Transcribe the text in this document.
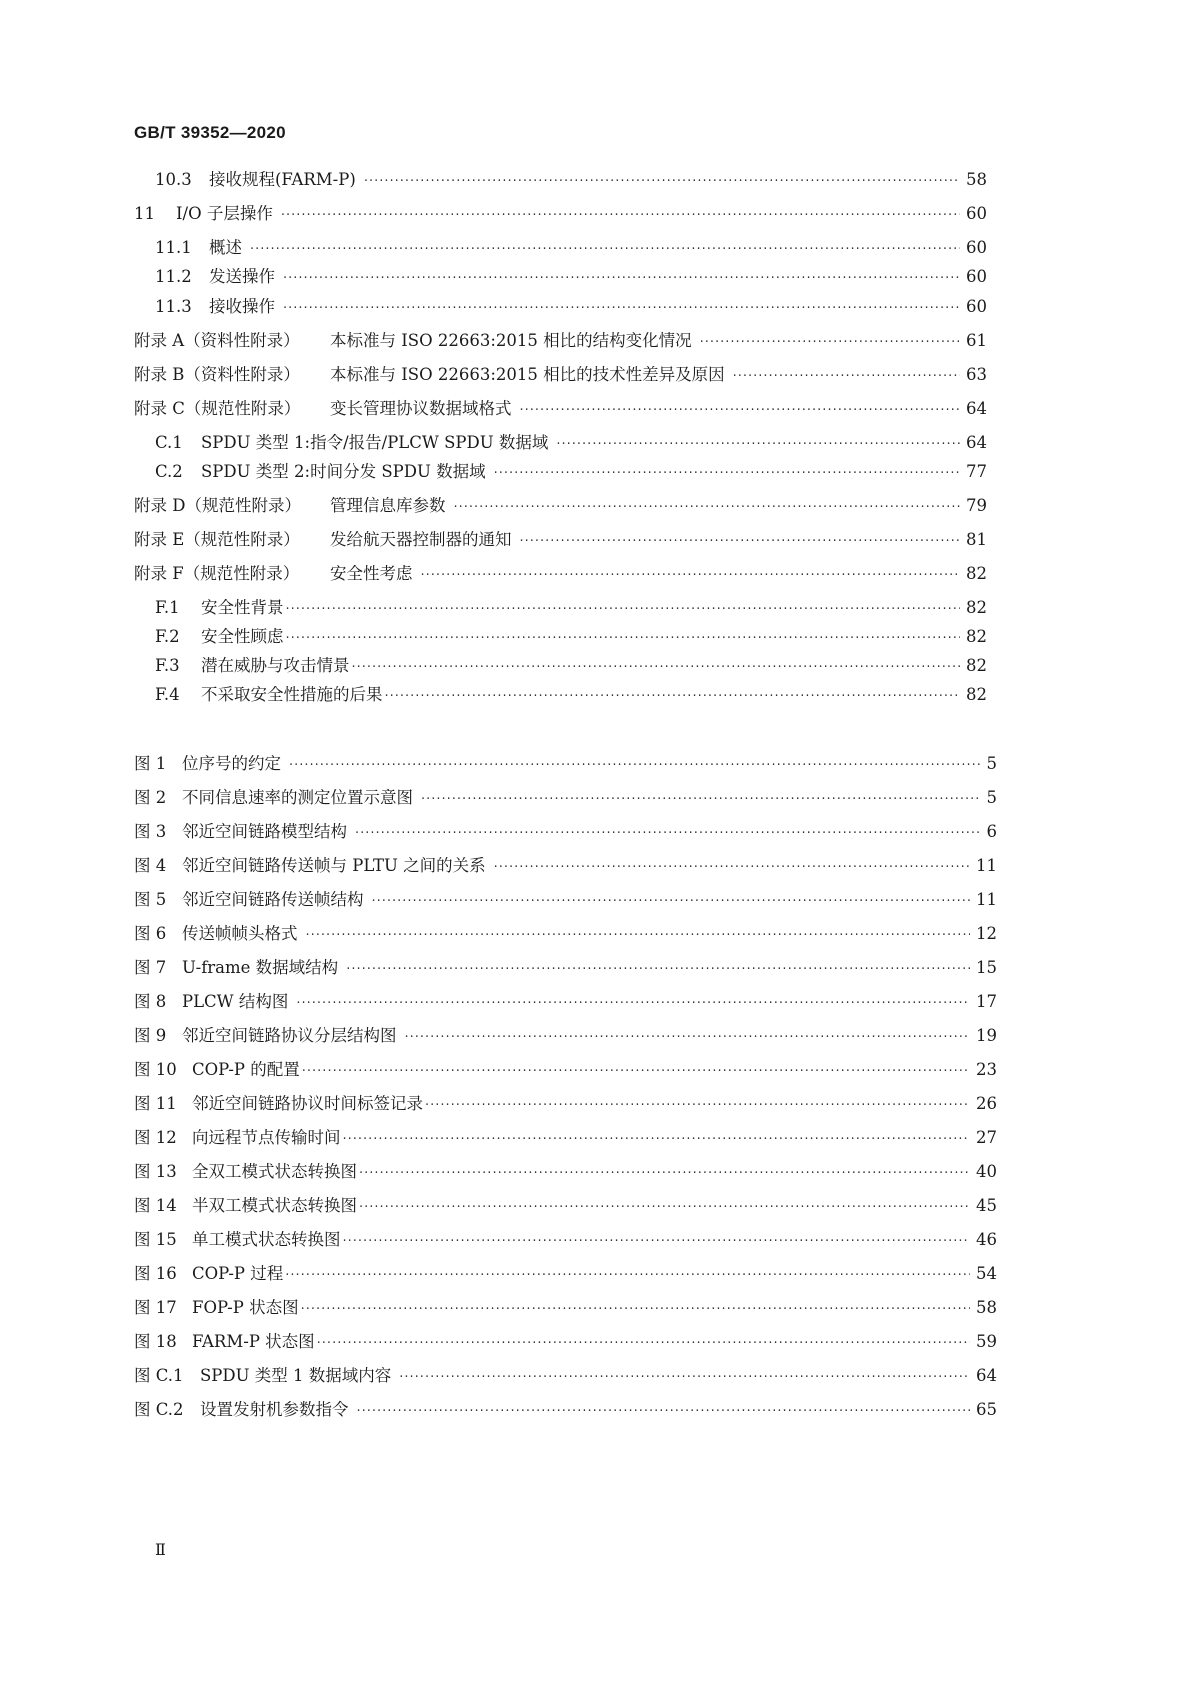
GB/T 39352—2020
10.3	接收规程(FARM-P) ·····	58
11	I/O 子层操作 ·····	60
11.1	概述 ·····	60
11.2	发送操作 ·····	60
11.3	接收操作 ·····	60
附录 A（资料性附录）	本标准与 ISO 22663:2015 相比的结构变化情况 ·····	61
附录 B（资料性附录）	本标准与 ISO 22663:2015 相比的技术性差异及原因 ·····	63
附录 C（规范性附录）	变长管理协议数据域格式 ·····	64
C.1	SPDU 类型 1:指令/报告/PLCW SPDU 数据域 ·····	64
C.2	SPDU 类型 2:时间分发 SPDU 数据域 ·····	77
附录 D（规范性附录）	管理信息库参数 ·····	79
附录 E（规范性附录）	发给航天器控制器的通知 ·····	81
附录 F（规范性附录）	安全性考虑 ·····	82
F.1	安全性背景 ·····	82
F.2	安全性顾虑 ·····	82
F.3	潜在威胁与攻击情景 ·····	82
F.4	不采取安全性措施的后果 ·····	82
图 1 位序号的约定 ·····	5
图 2 不同信息速率的测定位置示意图 ·····	5
图 3 邻近空间链路模型结构 ·····	6
图 4 邻近空间链路传送帧与 PLTU 之间的关系 ·····	11
图 5 邻近空间链路传送帧结构 ·····	11
图 6 传送帧帧头格式 ·····	12
图 7 U-frame 数据域结构 ·····	15
图 8 PLCW 结构图 ·····	17
图 9 邻近空间链路协议分层结构图 ·····	19
图 10 COP-P 的配置 ·····	23
图 11 邻近空间链路协议时间标签记录 ·····	26
图 12 向远程节点传输时间 ·····	27
图 13 全双工模式状态转换图 ·····	40
图 14 半双工模式状态转换图 ·····	45
图 15 单工模式状态转换图 ·····	46
图 16 COP-P 过程 ·····	54
图 17 FOP-P 状态图 ·····	58
图 18 FARM-P 状态图 ·····	59
图 C.1 SPDU 类型 1 数据域内容 ·····	64
图 C.2 设置发射机参数指令 ·····	65
Ⅱ
